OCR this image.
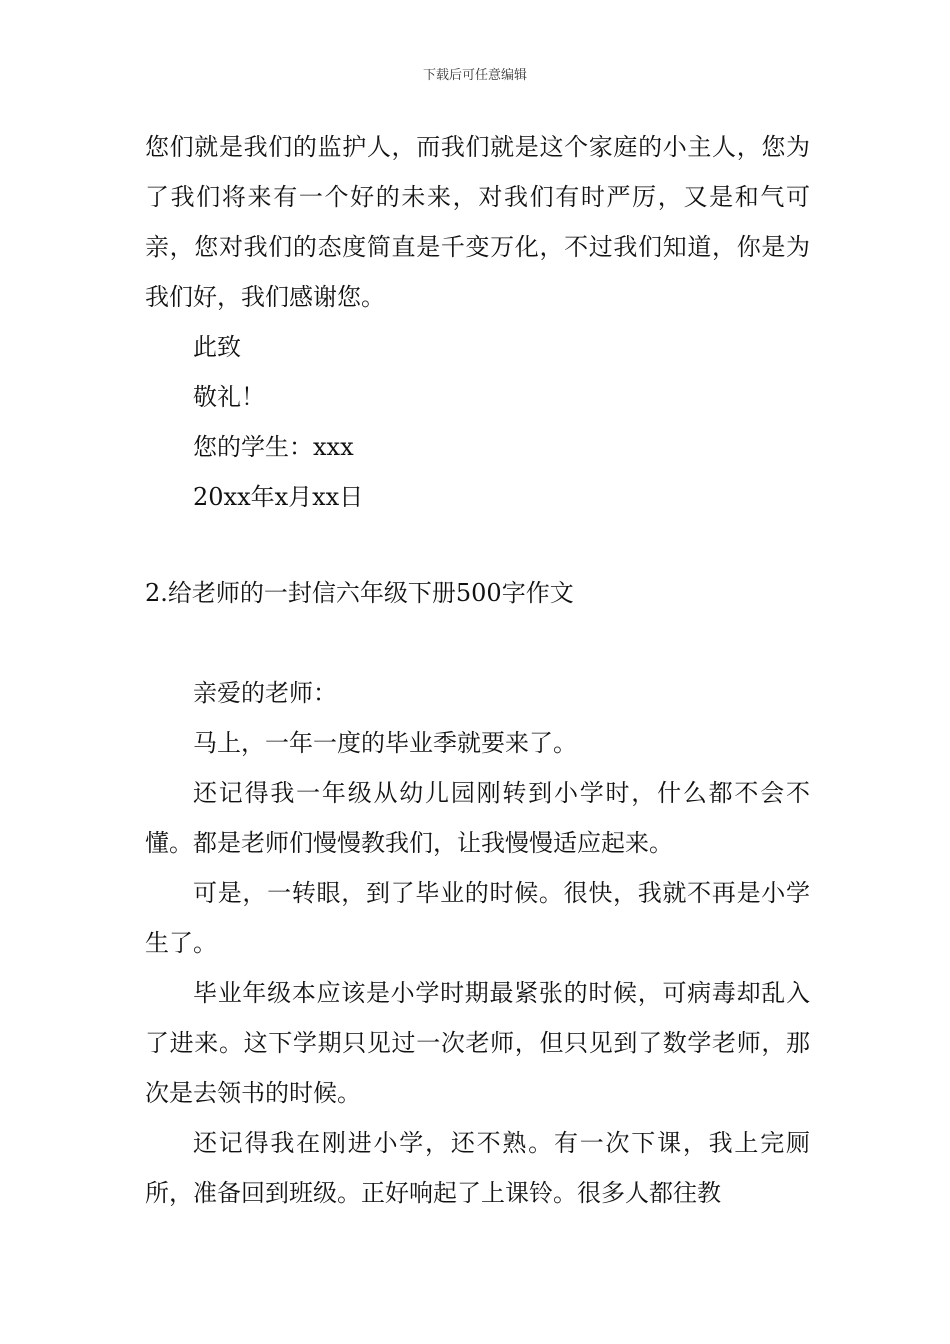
下载后可任意编辑

您们就是我们的监护人，而我们就是这个家庭的小主人，您为了我们将来有一个好的未来，对我们有时严厉，又是和气可亲，您对我们的态度简直是千变万化，不过我们知道，你是为我们好，我们感谢您。

此致

敬礼！

您的学生：xxx

20xx年x月xx日

2.给老师的一封信六年级下册500字作文

亲爱的老师：

马上，一年一度的毕业季就要来了。

还记得我一年级从幼儿园刚转到小学时，什么都不会不懂。都是老师们慢慢教我们，让我慢慢适应起来。

可是，一转眼，到了毕业的时候。很快，我就不再是小学生了。

毕业年级本应该是小学时期最紧张的时候，可病毒却乱入了进来。这下学期只见过一次老师，但只见到了数学老师，那次是去领书的时候。

还记得我在刚进小学，还不熟。有一次下课，我上完厕所，准备回到班级。正好响起了上课铃。很多人都往教
